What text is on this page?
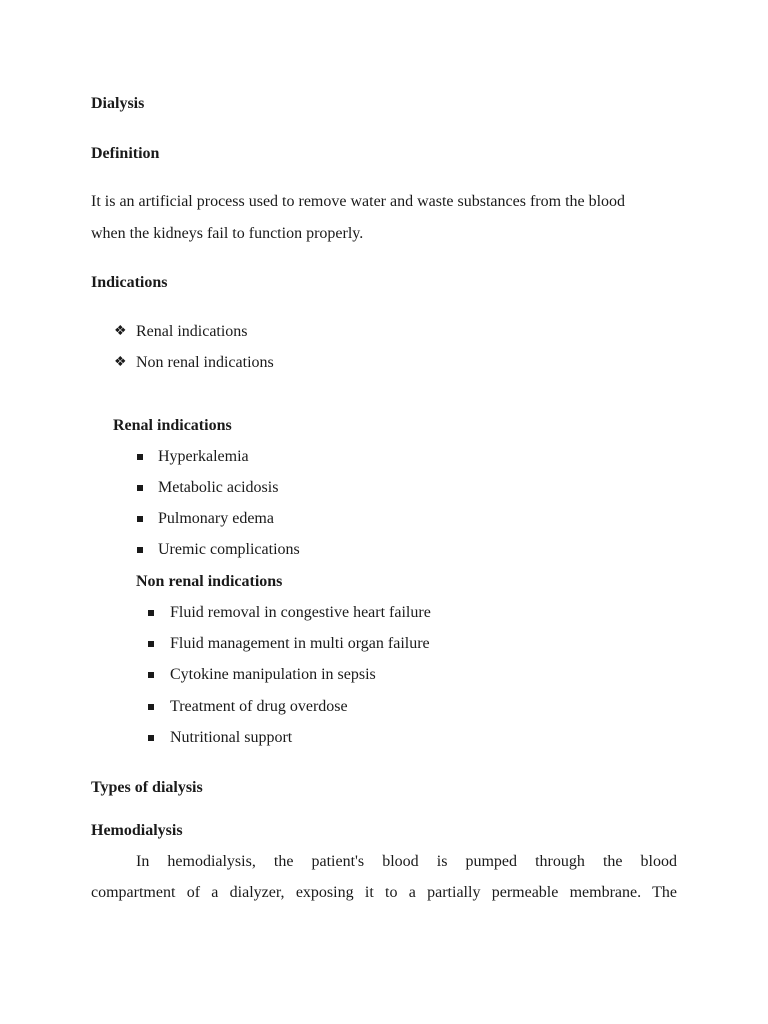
Dialysis
Definition
It is an artificial process used to remove water and waste substances from the blood
when the kidneys fail to function properly.
Indications
❖ Renal indications
❖ Non renal indications
Renal indications
Hyperkalemia
Metabolic acidosis
Pulmonary edema
Uremic complications
Non renal indications
Fluid removal in congestive heart failure
Fluid management in multi organ failure
Cytokine manipulation in sepsis
Treatment of drug overdose
Nutritional support
Types of dialysis
Hemodialysis
In hemodialysis, the patient's blood is pumped through the blood
compartment of a dialyzer, exposing it to a partially permeable membrane. The
